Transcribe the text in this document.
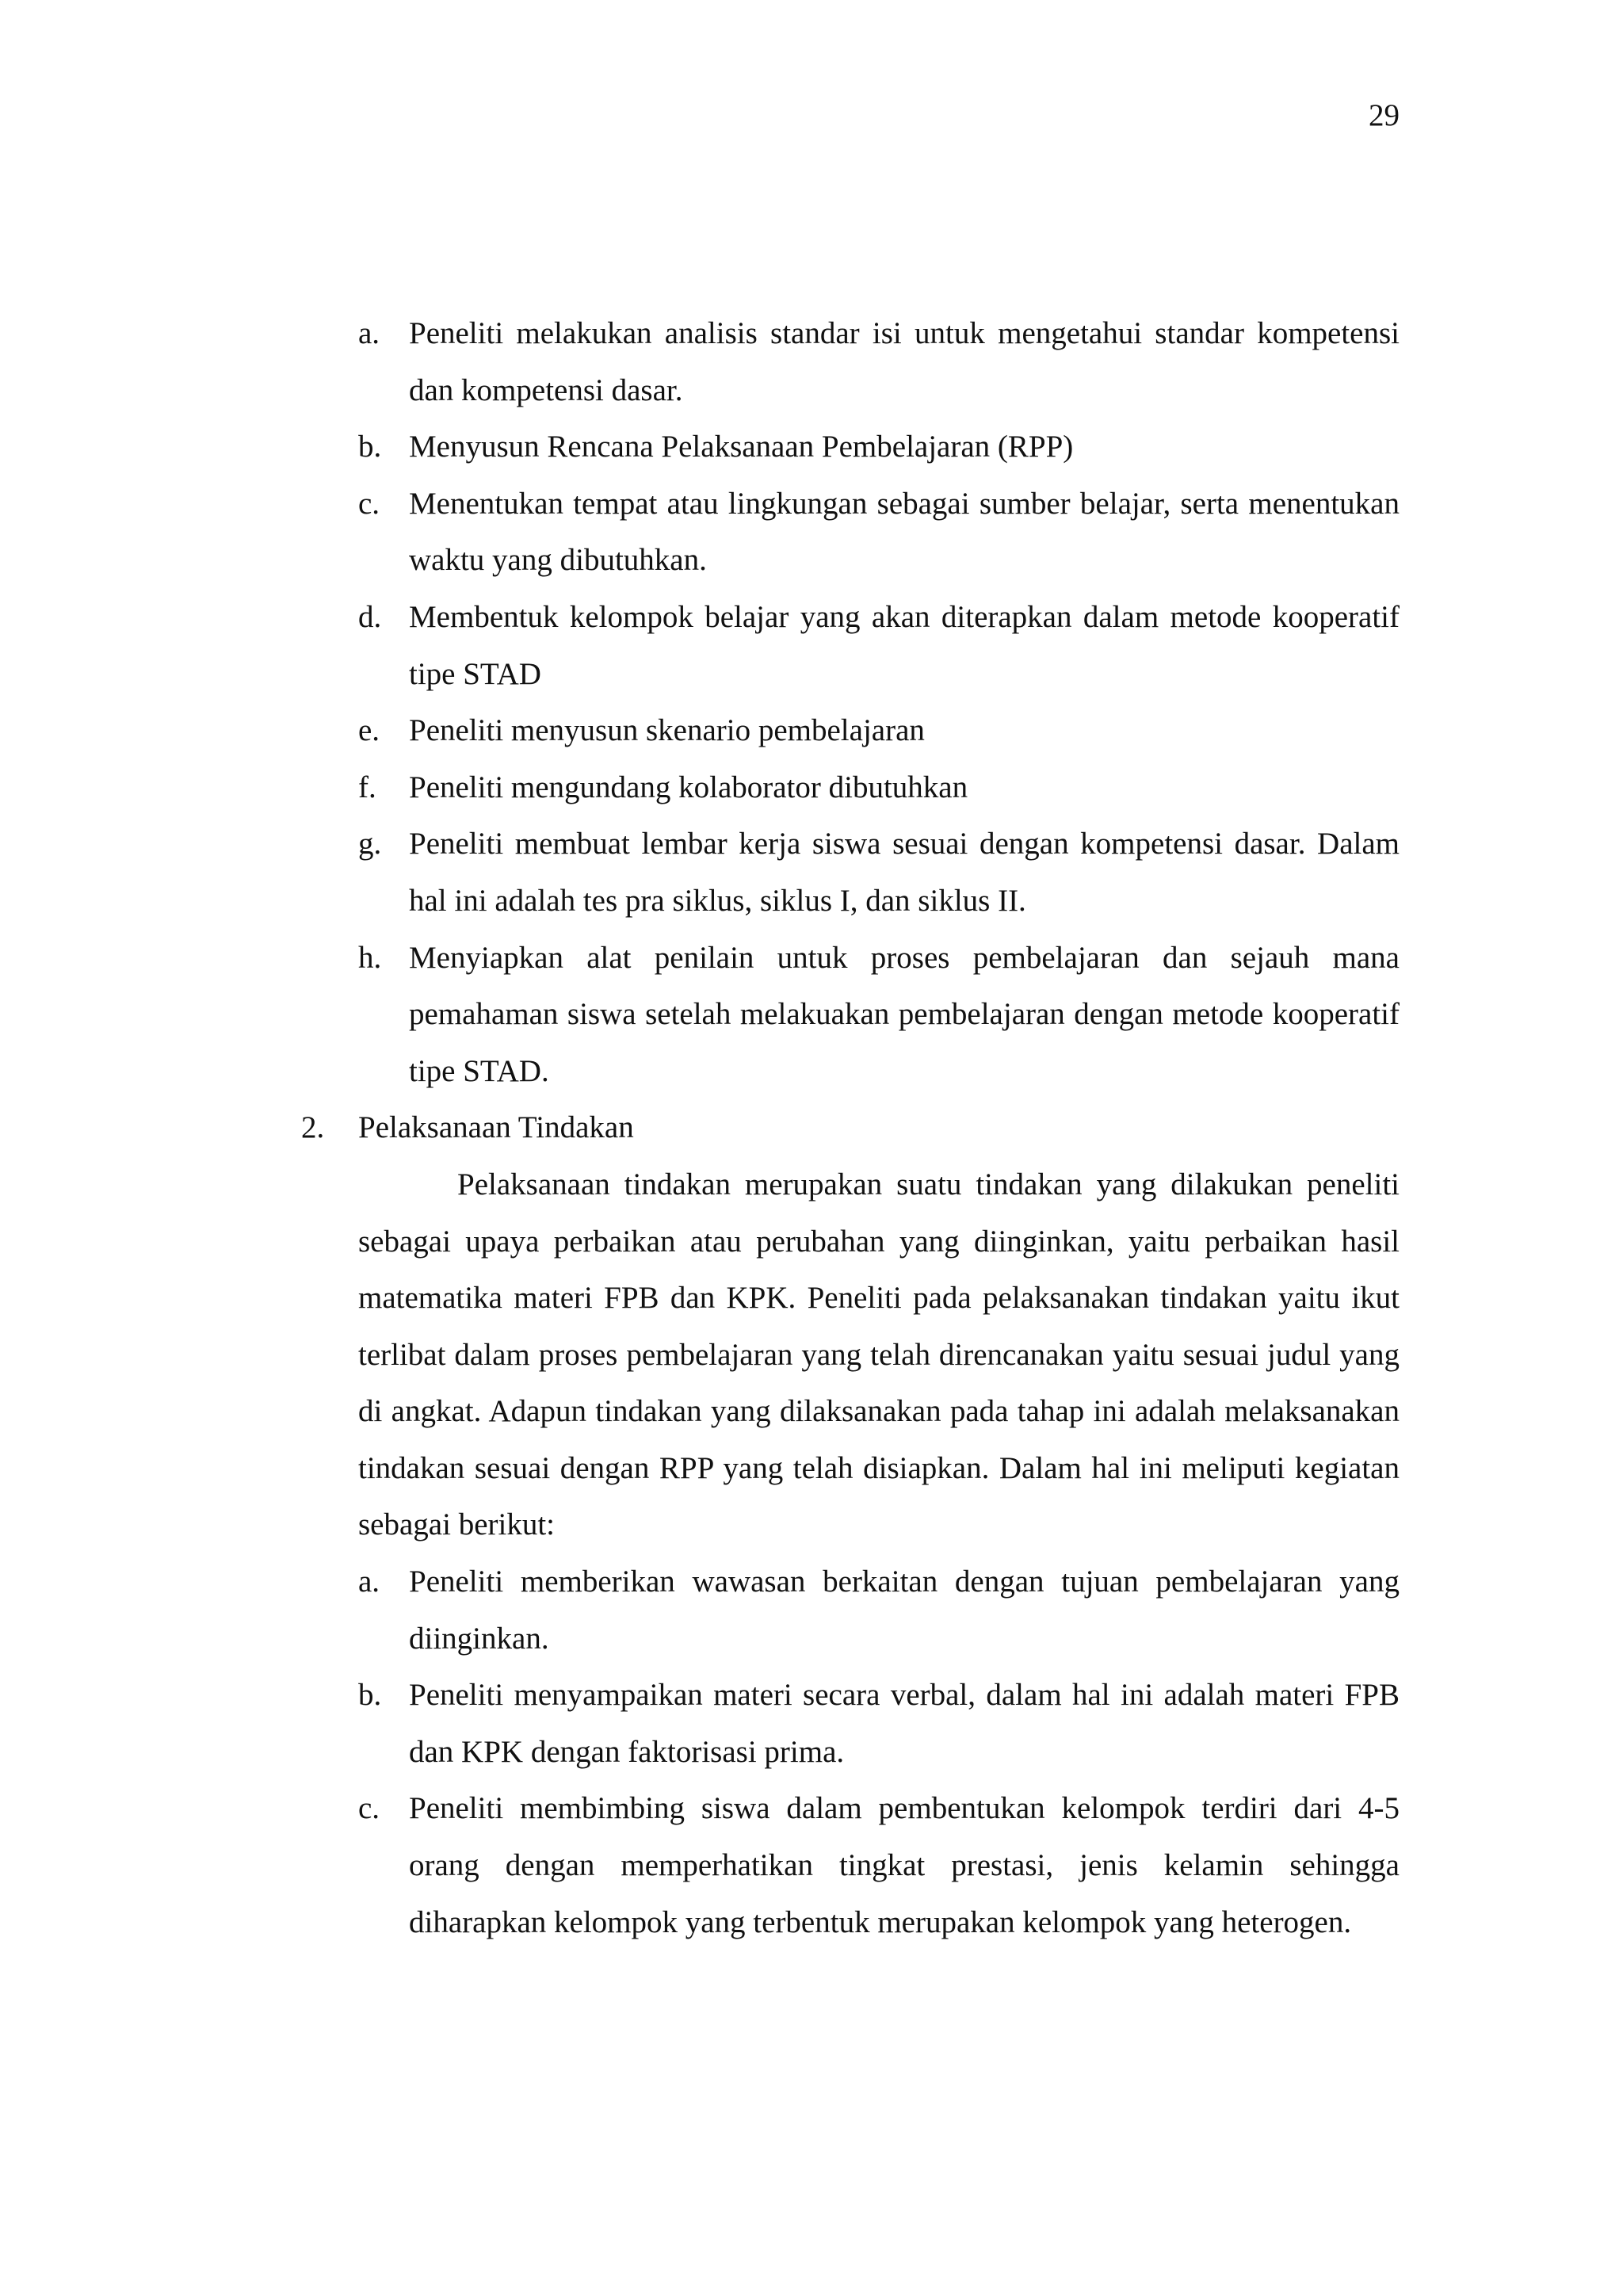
29
a. Peneliti melakukan analisis standar isi untuk mengetahui standar kompetensi dan kompetensi dasar.
b. Menyusun Rencana Pelaksanaan Pembelajaran (RPP)
c. Menentukan tempat atau lingkungan sebagai sumber belajar, serta menentukan waktu yang dibutuhkan.
d. Membentuk kelompok belajar yang akan diterapkan dalam metode kooperatif tipe STAD
e. Peneliti menyusun skenario pembelajaran
f.	Peneliti mengundang kolaborator dibutuhkan
g. Peneliti membuat lembar kerja siswa sesuai dengan kompetensi dasar. Dalam hal ini adalah tes pra siklus, siklus I, dan siklus II.
h. Menyiapkan alat penilain untuk proses pembelajaran dan sejauh mana pemahaman siswa setelah melakuakan pembelajaran dengan metode kooperatif tipe STAD.
2.	Pelaksanaan Tindakan
Pelaksanaan tindakan merupakan suatu tindakan yang dilakukan peneliti sebagai upaya perbaikan atau perubahan yang diinginkan, yaitu perbaikan hasil matematika materi FPB dan KPK. Peneliti pada pelaksanakan tindakan yaitu ikut terlibat dalam proses pembelajaran yang telah direncanakan yaitu sesuai judul yang di angkat. Adapun tindakan yang dilaksanakan pada tahap ini adalah melaksanakan tindakan sesuai dengan RPP yang telah disiapkan. Dalam hal ini meliputi kegiatan sebagai berikut:
a. Peneliti memberikan wawasan berkaitan dengan tujuan pembelajaran yang diinginkan.
b. Peneliti menyampaikan materi secara verbal, dalam hal ini adalah materi FPB dan KPK dengan faktorisasi prima.
c. Peneliti membimbing siswa dalam pembentukan kelompok terdiri dari 4-5 orang dengan memperhatikan tingkat prestasi, jenis kelamin sehingga diharapkan kelompok yang terbentuk merupakan kelompok yang heterogen.
